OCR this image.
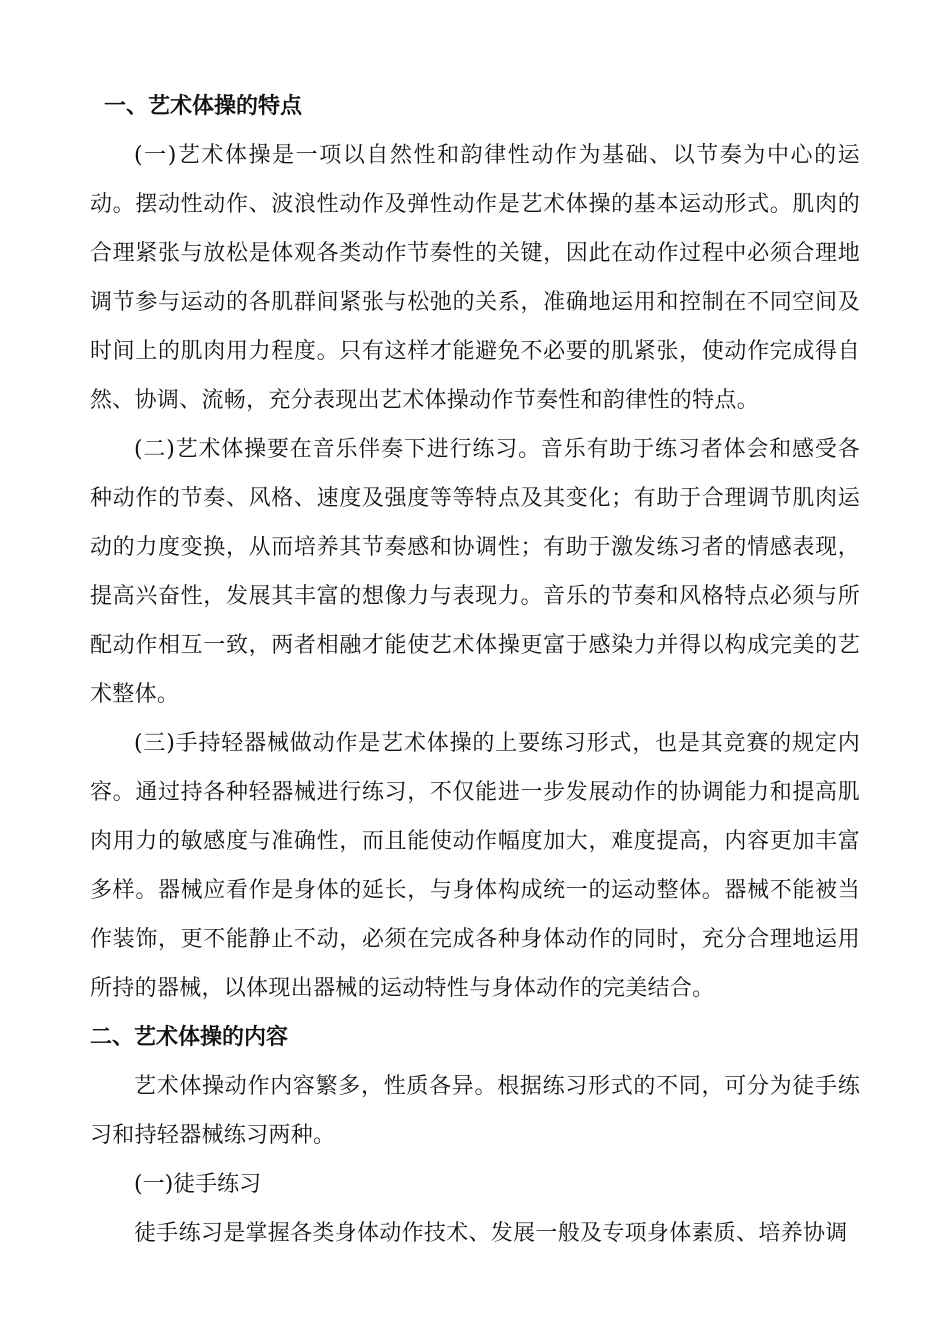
一、艺术体操的特点

(一)艺术体操是一项以自然性和韵律性动作为基础、以节奏为中心的运动。摆动性动作、波浪性动作及弹性动作是艺术体操的基本运动形式。肌肉的合理紧张与放松是体观各类动作节奏性的关键，因此在动作过程中必须合理地调节参与运动的各肌群间紧张与松弛的关系，准确地运用和控制在不同空间及时间上的肌肉用力程度。只有这样才能避免不必要的肌紧张，使动作完成得自然、协调、流畅，充分表现出艺术体操动作节奏性和韵律性的特点。

(二)艺术体操要在音乐伴奏下进行练习。音乐有助于练习者体会和感受各种动作的节奏、风格、速度及强度等等特点及其变化；有助于合理调节肌肉运动的力度变换，从而培养其节奏感和协调性；有助于激发练习者的情感表现，提高兴奋性，发展其丰富的想像力与表现力。音乐的节奏和风格特点必须与所配动作相互一致，两者相融才能使艺术体操更富于感染力并得以构成完美的艺术整体。

(三)手持轻器械做动作是艺术体操的上要练习形式，也是其竞赛的规定内容。通过持各种轻器械进行练习，不仅能进一步发展动作的协调能力和提高肌肉用力的敏感度与准确性，而且能使动作幅度加大，难度提高，内容更加丰富多样。器械应看作是身体的延长，与身体构成统一的运动整体。器械不能被当作装饰，更不能静止不动，必须在完成各种身体动作的同时，充分合理地运用所持的器械，以体现出器械的运动特性与身体动作的完美结合。

二、艺术体操的内容

艺术体操动作内容繁多，性质各异。根据练习形式的不同，可分为徒手练习和持轻器械练习两种。

(一)徒手练习

徒手练习是掌握各类身体动作技术、发展一般及专项身体素质、培养协调
